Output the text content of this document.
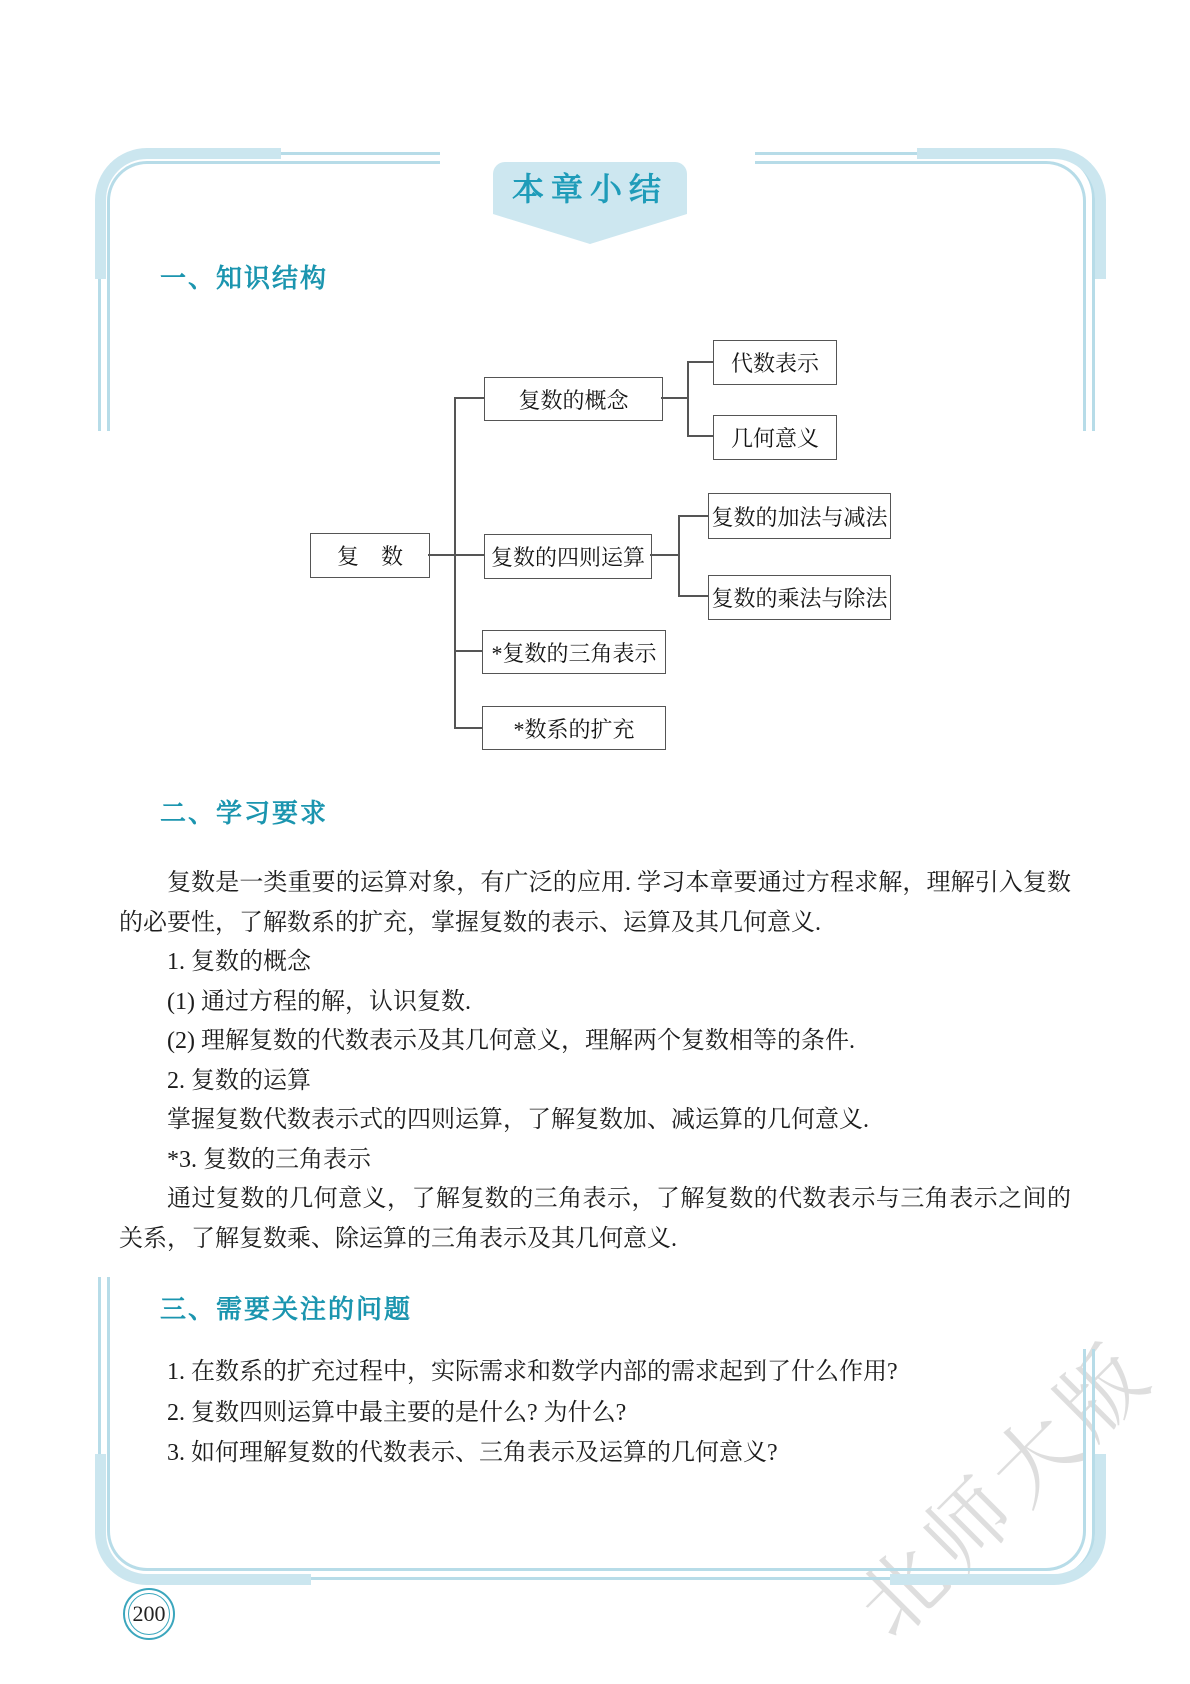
北师大版
本章小结
一、知识结构
复　数
复数的概念
代数表示
几何意义
复数的四则运算
复数的加法与减法
复数的乘法与除法
*复数的三角表示
*数系的扩充
二、学习要求

复数是一类重要的运算对象，有广泛的应用. 学习本章要通过方程求解，理解引入复数的必要性，了解数系的扩充，掌握复数的表示、运算及其几何意义.

1. 复数的概念

(1) 通过方程的解，认识复数.

(2) 理解复数的代数表示及其几何意义，理解两个复数相等的条件.

2. 复数的运算

掌握复数代数表示式的四则运算，了解复数加、减运算的几何意义.

*3. 复数的三角表示

通过复数的几何意义，了解复数的三角表示，了解复数的代数表示与三角表示之间的关系，了解复数乘、除运算的三角表示及其几何意义.

三、需要关注的问题

1. 在数系的扩充过程中，实际需求和数学内部的需求起到了什么作用?

2. 复数四则运算中最主要的是什么? 为什么?

3. 如何理解复数的代数表示、三角表示及运算的几何意义?

200
